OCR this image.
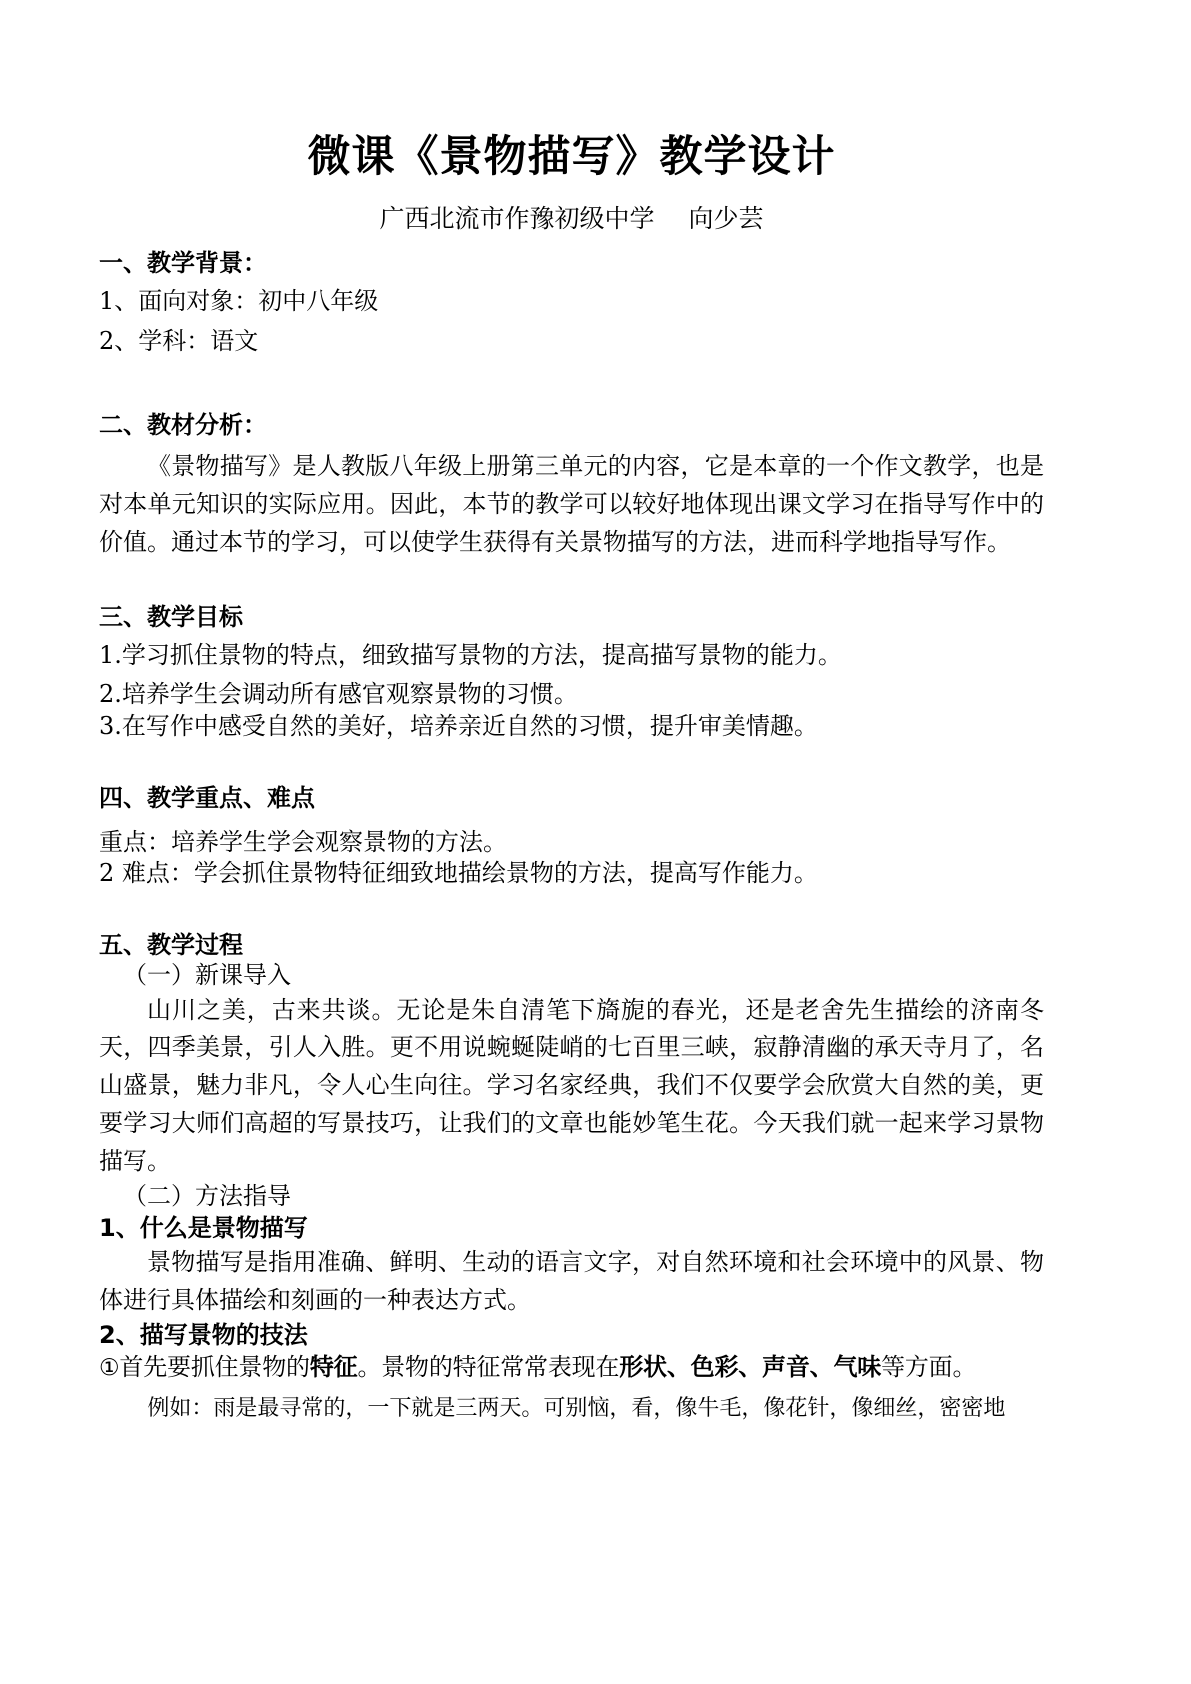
微课《景物描写》教学设计
广西北流市作豫初级中学 向少芸
一、教学背景：
1、面向对象：初中八年级
2、学科：语文
二、教材分析：
《景物描写》是人教版八年级上册第三单元的内容，它是本章的一个作文教学，也是对本单元知识的实际应用。因此，本节的教学可以较好地体现出课文学习在指导写作中的价值。通过本节的学习，可以使学生获得有关景物描写的方法，进而科学地指导写作。
三、教学目标
1.学习抓住景物的特点，细致描写景物的方法，提高描写景物的能力。
2.培养学生会调动所有感官观察景物的习惯。
3.在写作中感受自然的美好，培养亲近自然的习惯，提升审美情趣。
四、教学重点、难点
重点：培养学生学会观察景物的方法。
2 难点：学会抓住景物特征细致地描绘景物的方法，提高写作能力。
五、教学过程
（一）新课导入
山川之美，古来共谈。无论是朱自清笔下旖旎的春光，还是老舍先生描绘的济南冬天，四季美景，引人入胜。更不用说蜿蜒陡峭的七百里三峡，寂静清幽的承天寺月了，名山盛景，魅力非凡，令人心生向往。学习名家经典，我们不仅要学会欣赏大自然的美，更要学习大师们高超的写景技巧，让我们的文章也能妙笔生花。今天我们就一起来学习景物描写。
（二）方法指导
1、什么是景物描写
景物描写是指用准确、鲜明、生动的语言文字，对自然环境和社会环境中的风景、物体进行具体描绘和刻画的一种表达方式。
2、描写景物的技法
①首先要抓住景物的特征。景物的特征常常表现在形状、色彩、声音、气味等方面。
例如：雨是最寻常的，一下就是三两天。可别恼，看，像牛毛，像花针，像细丝，密密地
